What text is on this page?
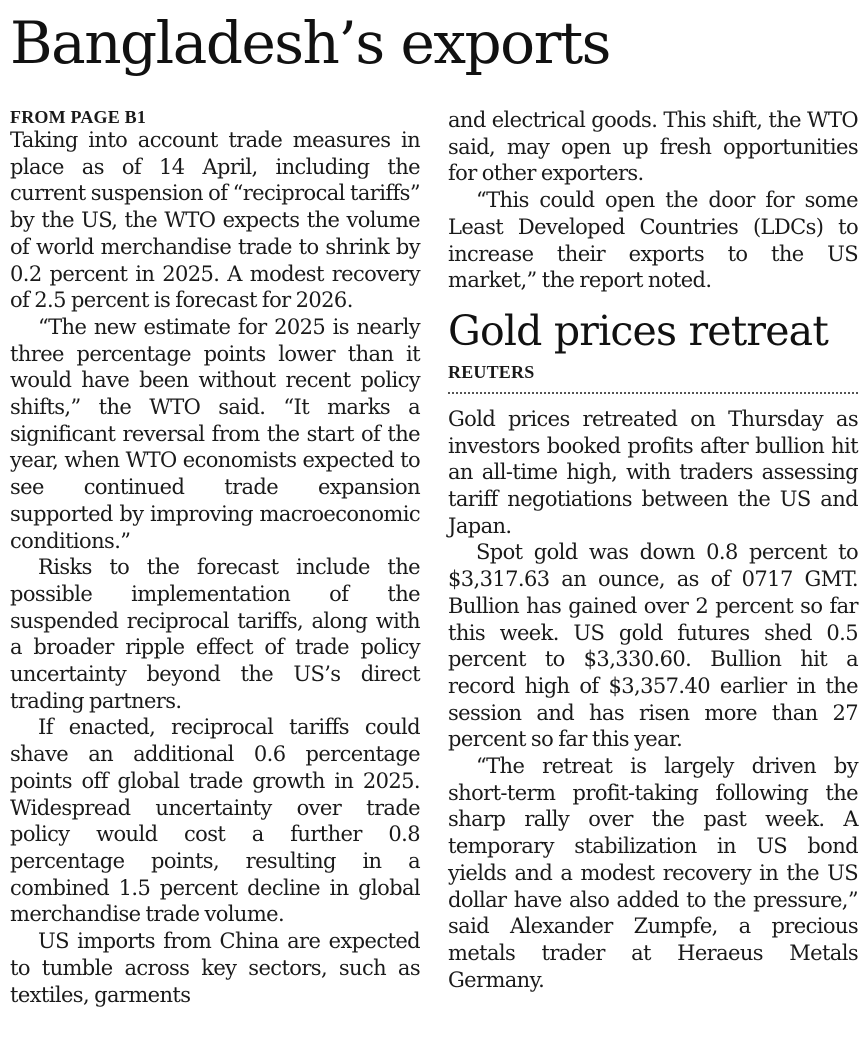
Bangladesh’s exports
FROM PAGE B1

Taking into account trade measures in place as of 14 April, including the current suspension of “reciprocal tariffs” by the US, the WTO expects the volume of world merchandise trade to shrink by 0.2 percent in 2025. A modest recovery of 2.5 percent is forecast for 2026.

“The new estimate for 2025 is nearly three percentage points lower than it would have been without recent policy shifts,” the WTO said. “It marks a significant reversal from the start of the year, when WTO economists expected to see continued trade expansion supported by improving macroeconomic conditions.”

Risks to the forecast include the possible implementation of the suspended reciprocal tariffs, along with a broader ripple effect of trade policy uncertainty beyond the US’s direct trading partners.

If enacted, reciprocal tariffs could shave an additional 0.6 percentage points off global trade growth in 2025. Widespread uncertainty over trade policy would cost a further 0.8 percentage points, resulting in a combined 1.5 percent decline in global merchandise trade volume.

US imports from China are expected to tumble across key sectors, such as textiles, garments

and electrical goods. This shift, the WTO said, may open up fresh opportunities for other exporters.

“This could open the door for some Least Developed Countries (LDCs) to increase their exports to the US market,” the report noted.

Gold prices retreat
REUTERS

Gold prices retreated on Thursday as investors booked profits after bullion hit an all-time high, with traders assessing tariff negotiations between the US and Japan.

Spot gold was down 0.8 percent to $3,317.63 an ounce, as of 0717 GMT. Bullion has gained over 2 percent so far this week. US gold futures shed 0.5 percent to $3,330.60. Bullion hit a record high of $3,357.40 earlier in the session and has risen more than 27 percent so far this year.

“The retreat is largely driven by short-term profit-taking following the sharp rally over the past week. A temporary stabilization in US bond yields and a modest recovery in the US dollar have also added to the pressure,” said Alexander Zumpfe, a precious metals trader at Heraeus Metals Germany.
